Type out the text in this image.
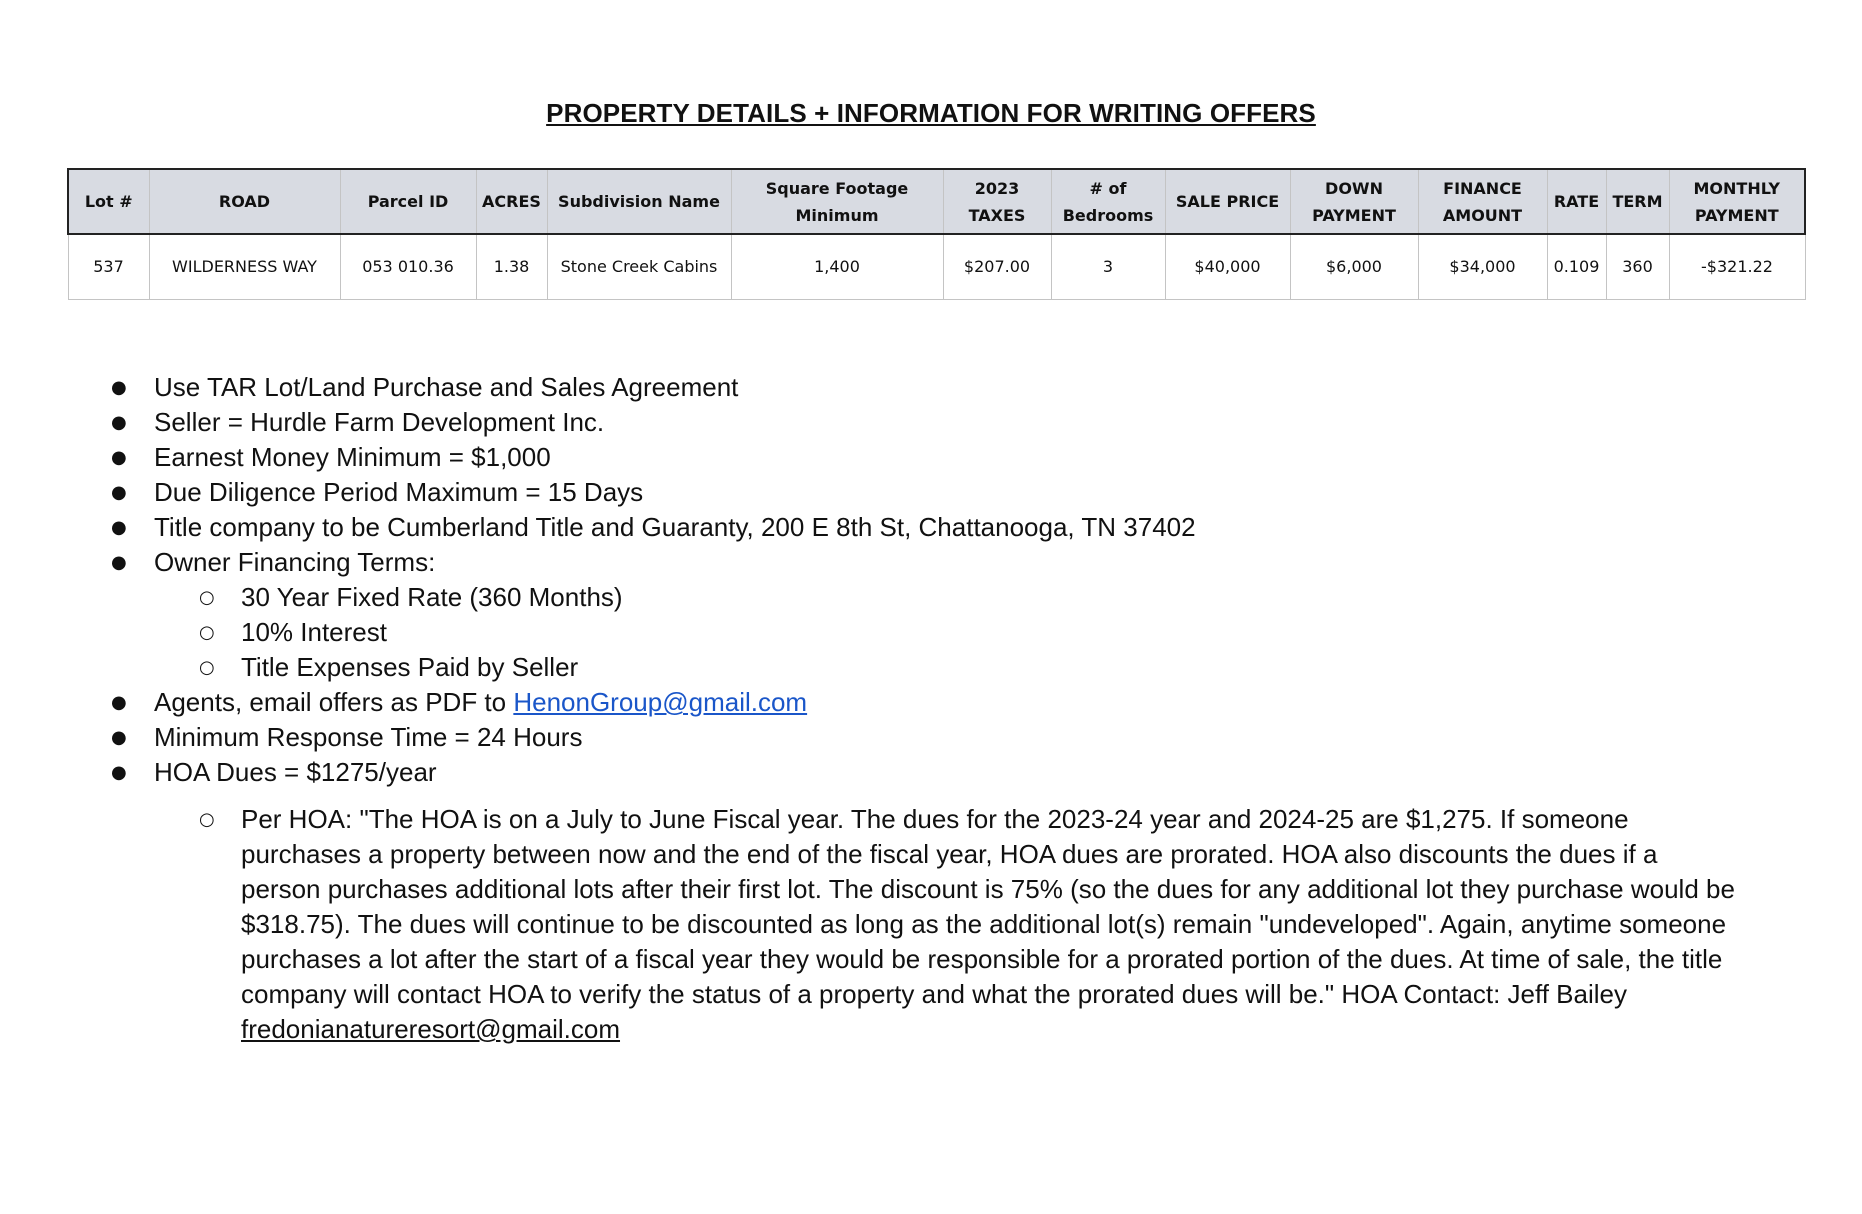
PROPERTY DETAILS + INFORMATION FOR WRITING OFFERS
Lot #	ROAD	Parcel ID	ACRES	Subdivision Name	Square Footage Minimum	2023 TAXES	# of Bedrooms	SALE PRICE	DOWN PAYMENT	FINANCE AMOUNT	RATE	TERM	MONTHLY PAYMENT
537	WILDERNESS WAY	053 010.36	1.38	Stone Creek Cabins	1,400	$207.00	3	$40,000	$6,000	$34,000	0.109	360	-$321.22
● Use TAR Lot/Land Purchase and Sales Agreement
● Seller = Hurdle Farm Development Inc.
● Earnest Money Minimum = $1,000
● Due Diligence Period Maximum = 15 Days
● Title company to be Cumberland Title and Guaranty, 200 E 8th St, Chattanooga, TN 37402
● Owner Financing Terms:
○ 30 Year Fixed Rate (360 Months)
○ 10% Interest
○ Title Expenses Paid by Seller
● Agents, email offers as PDF to HenonGroup@gmail.com
● Minimum Response Time = 24 Hours
● HOA Dues = $1275/year
○ Per HOA: "The HOA is on a July to June Fiscal year. The dues for the 2023-24 year and 2024-25 are $1,275. If someone purchases a property between now and the end of the fiscal year, HOA dues are prorated. HOA also discounts the dues if a person purchases additional lots after their first lot. The discount is 75% (so the dues for any additional lot they purchase would be $318.75). The dues will continue to be discounted as long as the additional lot(s) remain "undeveloped". Again, anytime someone purchases a lot after the start of a fiscal year they would be responsible for a prorated portion of the dues. At time of sale, the title company will contact HOA to verify the status of a property and what the prorated dues will be." HOA Contact: Jeff Bailey fredonianatureresort@gmail.com
